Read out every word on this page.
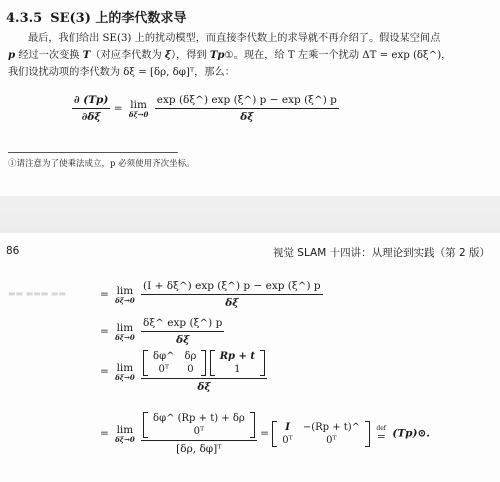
4.3.5 SE(3) 上的李代数求导
最后，我们给出 SE(3) 上的扰动模型，而直接李代数上的求导就不再介绍了。假设某空间点
p 经过一次变换 T（对应李代数为 ξ），得到 Tp①。现在，给 T 左乘一个扰动 ΔT = exp (δξ^)，
我们设扰动项的李代数为 δξ = [δρ, δφ]ᵀ，那么：
$\frac{\partial (Tp)}{\partial\delta\xi} = \lim$
δξ→0
$\frac{\exp (\delta\xi\^{}) \exp (\xi\^{}) p - \exp (\xi\^{}) p}{\delta\xi}$
①请注意为了使乘法成立，p 必须使用齐次坐标。
▬▬ ▬▬▬ ▬▬
86	视觉 SLAM 十四讲：从理论到实践（第 2 版）
= lim
δξ→0
$\frac{(I + \delta\xi\^{}) \exp (\xi\^{}) p - \exp (\xi\^{}) p}{\delta\xi}$
= lim
δξ→0
$\frac{\delta\xi\^{} \exp (\xi\^{}) p}{\delta\xi}$
= lim
δξ→0
δφ^	δρ
0ᵀ	0

Rp + t
1
δξ
= lim
δξ→0
δφ^ (Rp + t) + δρ
0ᵀ
[δρ, δφ]ᵀ =
I	−(Rp + t)^
0ᵀ	0ᵀ

def
= (Tp)⊙.
